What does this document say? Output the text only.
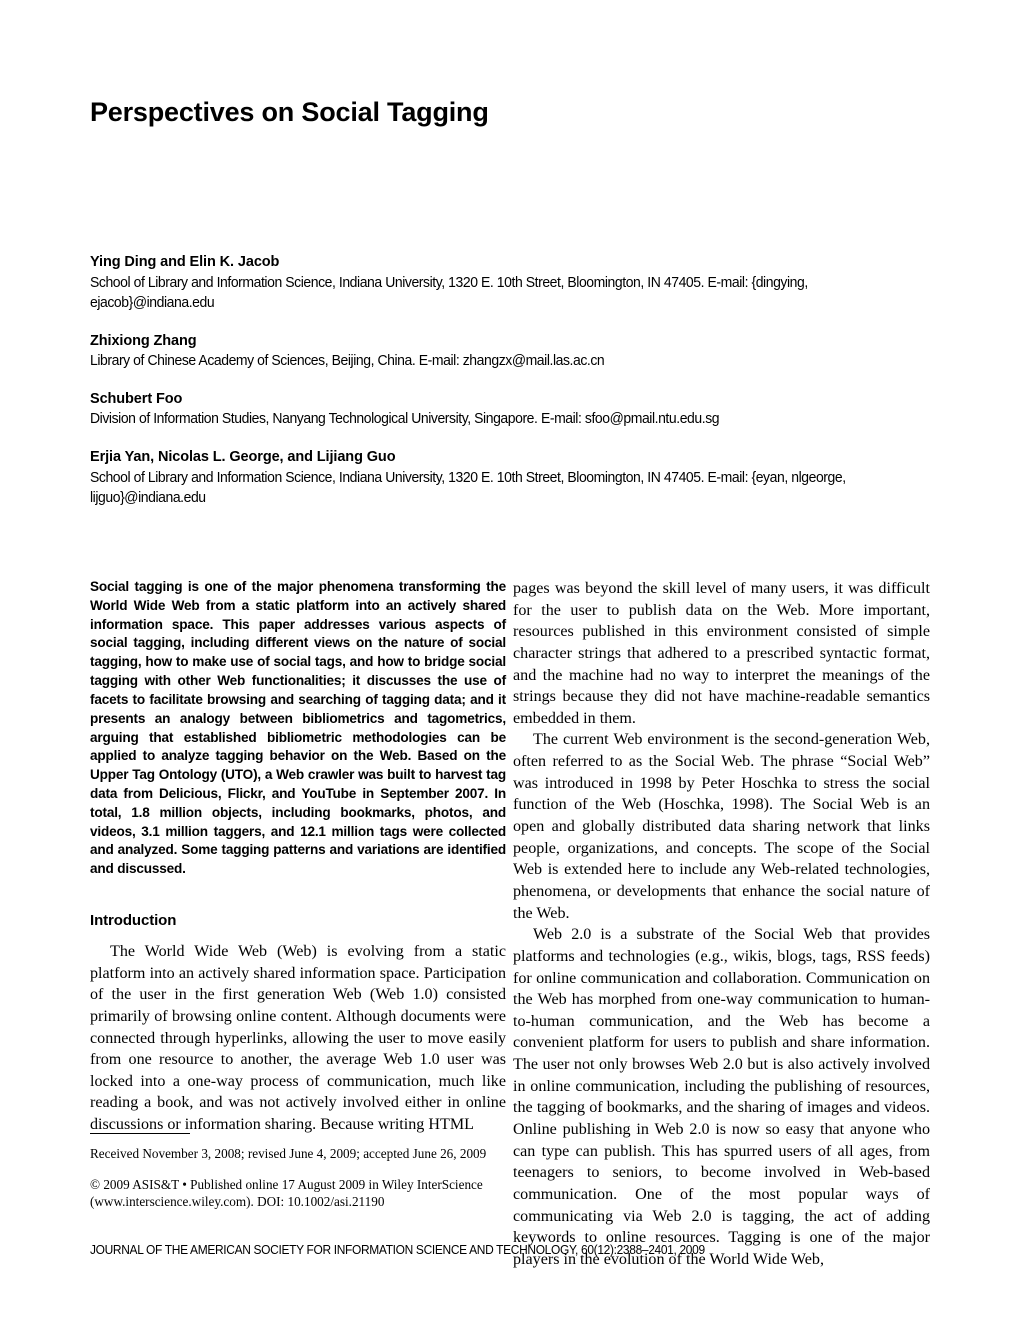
Perspectives on Social Tagging
Ying Ding and Elin K. Jacob
School of Library and Information Science, Indiana University, 1320 E. 10th Street, Bloomington, IN 47405. E-mail: {dingying, ejacob}@indiana.edu
Zhixiong Zhang
Library of Chinese Academy of Sciences, Beijing, China. E-mail: zhangzx@mail.las.ac.cn
Schubert Foo
Division of Information Studies, Nanyang Technological University, Singapore. E-mail: sfoo@pmail.ntu.edu.sg
Erjia Yan, Nicolas L. George, and Lijiang Guo
School of Library and Information Science, Indiana University, 1320 E. 10th Street, Bloomington, IN 47405. E-mail: {eyan, nlgeorge, lijguo}@indiana.edu

Social tagging is one of the major phenomena transforming the World Wide Web from a static platform into an actively shared information space. This paper addresses various aspects of social tagging, including different views on the nature of social tagging, how to make use of social tags, and how to bridge social tagging with other Web functionalities; it discusses the use of facets to facilitate browsing and searching of tagging data; and it presents an analogy between bibliometrics and tagometrics, arguing that established bibliometric methodologies can be applied to analyze tagging behavior on the Web. Based on the Upper Tag Ontology (UTO), a Web crawler was built to harvest tag data from Delicious, Flickr, and YouTube in September 2007. In total, 1.8 million objects, including bookmarks, photos, and videos, 3.1 million taggers, and 12.1 million tags were collected and analyzed. Some tagging patterns and variations are identified and discussed.

Introduction

The World Wide Web (Web) is evolving from a static platform into an actively shared information space. Participation of the user in the first generation Web (Web 1.0) consisted primarily of browsing online content. Although documents were connected through hyperlinks, allowing the user to move easily from one resource to another, the average Web 1.0 user was locked into a one-way process of communication, much like reading a book, and was not actively involved either in online discussions or information sharing. Because writing HTML

pages was beyond the skill level of many users, it was difficult for the user to publish data on the Web. More important, resources published in this environment consisted of simple character strings that adhered to a prescribed syntactic format, and the machine had no way to interpret the meanings of the strings because they did not have machine-readable semantics embedded in them.

The current Web environment is the second-generation Web, often referred to as the Social Web. The phrase “Social Web” was introduced in 1998 by Peter Hoschka to stress the social function of the Web (Hoschka, 1998). The Social Web is an open and globally distributed data sharing network that links people, organizations, and concepts. The scope of the Social Web is extended here to include any Web-related technologies, phenomena, or developments that enhance the social nature of the Web.

Web 2.0 is a substrate of the Social Web that provides platforms and technologies (e.g., wikis, blogs, tags, RSS feeds) for online communication and collaboration. Communication on the Web has morphed from one-way communication to human-to-human communication, and the Web has become a convenient platform for users to publish and share information. The user not only browses Web 2.0 but is also actively involved in online communication, including the publishing of resources, the tagging of bookmarks, and the sharing of images and videos. Online publishing in Web 2.0 is now so easy that anyone who can type can publish. This has spurred users of all ages, from teenagers to seniors, to become involved in Web-based communication. One of the most popular ways of communicating via Web 2.0 is tagging, the act of adding keywords to online resources. Tagging is one of the major players in the evolution of the World Wide Web,

Received November 3, 2008; revised June 4, 2009; accepted June 26, 2009

© 2009 ASIS&T • Published online 17 August 2009 in Wiley InterScience

(www.interscience.wiley.com). DOI: 10.1002/asi.21190

JOURNAL OF THE AMERICAN SOCIETY FOR INFORMATION SCIENCE AND TECHNOLOGY, 60(12):2388–2401, 2009
